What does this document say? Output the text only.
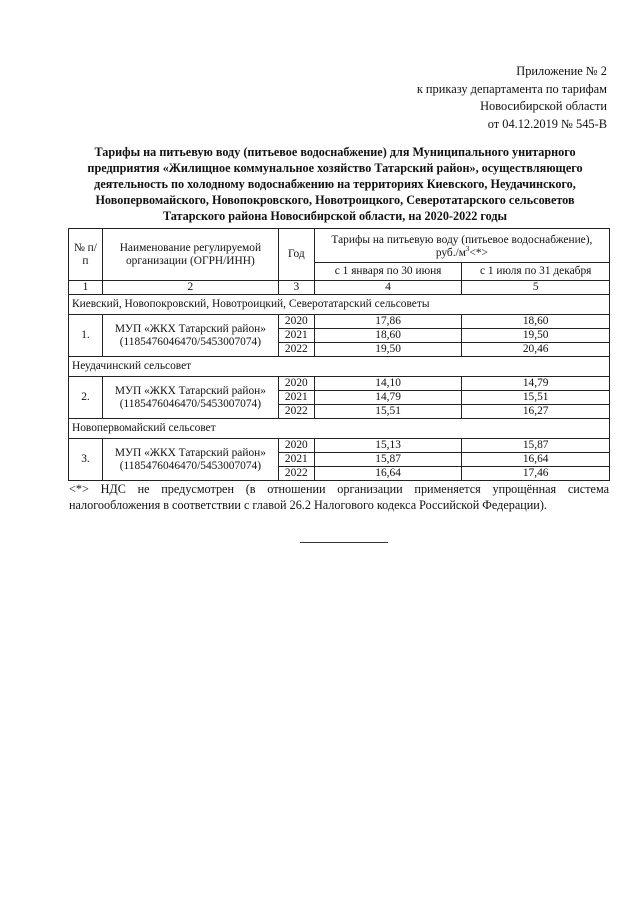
Приложение № 2
к приказу департамента по тарифам
Новосибирской области
от 04.12.2019 № 545-В
Тарифы на питьевую воду (питьевое водоснабжение) для Муниципального унитарного предприятия «Жилищное коммунальное хозяйство Татарский район», осуществляющего деятельность по холодному водоснабжению на территориях Киевского, Неудачинского, Новопервомайского, Новопокровского, Новотроицкого, Северотатарского сельсоветов Татарского района Новосибирской области, на 2020-2022 годы
№ п/п	Наименование регулируемой организации (ОГРН/ИНН)	Год	Тарифы на питьевую воду (питьевое водоснабжение),
$руб./м^3<*>$	
			с 1 января по 30 июня	с 1 июля по 31 декабря
1	2	3	4	5
Киевский, Новопокровский, Новотроицкий, Северотатарский сельсоветы				
1.	МУП «ЖКХ Татарский район»
(1185476046470/5453007074)	2020	17,86	18,60
		2021	18,60	19,50
		2022	19,50	20,46
Неудачинский сельсовет				
2.	МУП «ЖКХ Татарский район»
(1185476046470/5453007074)	2020	14,10	14,79
		2021	14,79	15,51
		2022	15,51	16,27
Новопервомайский сельсовет				
3.	МУП «ЖКХ Татарский район»
(1185476046470/5453007074)	2020	15,13	15,87
		2021	15,87	16,64
		2022	16,64	17,46
<*> НДС не предусмотрен (в отношении организации применяется упрощённая система налогообложения в соответствии с главой 26.2 Налогового кодекса Российской Федерации).
